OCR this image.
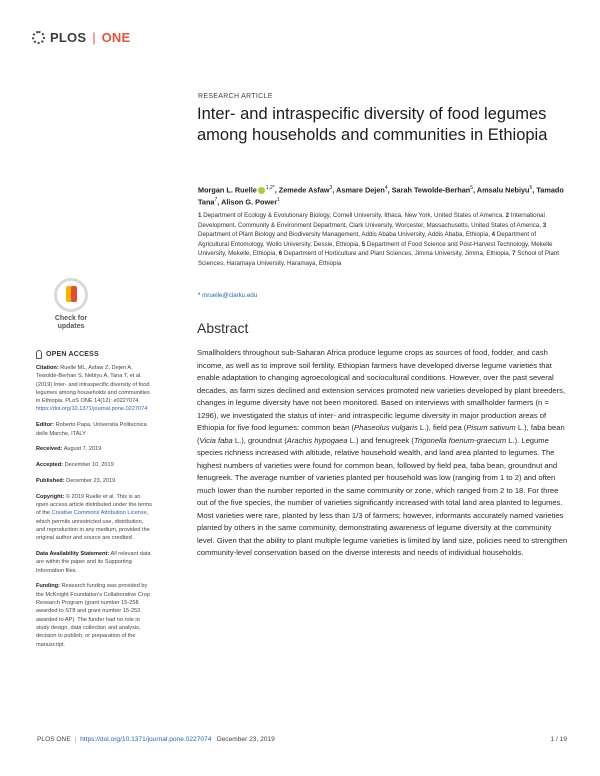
PLOS | ONE
RESEARCH ARTICLE
Inter- and intraspecific diversity of food legumes among households and communities in Ethiopia
Morgan L. Ruelle $^{1,2*}$, Zemede Asfaw$^3$, Asmare Dejen$^4$, Sarah Tewolde-Berhan$^5$, Amsalu Nebiyu$^6$, Tamado Tana$^7$, Alison G. Power$^1$
1 Department of Ecology & Evolutionary Biology, Cornell University, Ithaca, New York, United States of America, 2 International Development, Community & Environment Department, Clark University, Worcester, Massachusetts, United States of America, 3 Department of Plant Biology and Biodiversity Management, Addis Ababa University, Addis Ababa, Ethiopia, 4 Department of Agricultural Entomology, Wollo University, Dessie, Ethiopia, 5 Department of Food Science and Post-Harvest Technology, Mekelle University, Mekelle, Ethiopia, 6 Department of Horticulture and Plant Sciences, Jimma University, Jimma, Ethiopia, 7 School of Plant Sciences, Haramaya University, Haramaya, Ethiopia
* mruelle@clarku.edu
Check for
updates	Abstract
Smallholders throughout sub-Saharan Africa produce legume crops as sources of food, fodder, and cash income, as well as to improve soil fertility. Ethiopian farmers have developed diverse legume varieties that enable adaptation to changing agroecological and sociocultural conditions. However, over the past several decades, as farm sizes declined and extension services promoted new varieties developed by plant breeders, changes in legume diversity have not been monitored. Based on interviews with smallholder farmers (n = 1296), we investigated the status of inter- and intraspecific legume diversity in major production areas of Ethiopia for five food legumes: common bean (Phaseolus vulgaris L.), field pea (Pisum sativum L.), faba bean (Vicia faba L.), groundnut (Arachis hypogaea L.) and fenugreek (Trigonella foenum-graecum L.). Legume species richness increased with altitude, relative household wealth, and land area planted to legumes. The highest numbers of varieties were found for common bean, followed by field pea, faba bean, groundnut and fenugreek. The average number of varieties planted per household was low (ranging from 1 to 2) and often much lower than the number reported in the same community or zone, which ranged from 2 to 18. For three out of the five species, the number of varieties significantly increased with total land area planted to legumes. Most varieties were rare, planted by less than 1/3 of farmers; however, informants accurately named varieties planted by others in the same community, demonstrating awareness of legume diversity at the community level. Given that the ability to plant multiple legume varieties is limited by land size, policies need to strengthen community-level conservation based on the diverse interests and needs of individual households.
OPEN ACCESS

Citation: Ruelle ML, Asfaw Z, Dejen A, Tewolde-Berhan S, Nebiyu A, Tana T, et al. (2019) Inter- and intraspecific diversity of food legumes among households and communities in Ethiopia. PLoS ONE 14(12): e0227074. https://doi.org/10.1371/journal.pone.0227074

Editor: Roberto Papa, Universita Politecnica delle Marche, ITALY

Received: August 7, 2019

Accepted: December 10, 2019

Published: December 23, 2019

Copyright: © 2019 Ruelle et al. This is an open access article distributed under the terms of the Creative Commons Attribution License, which permits unrestricted use, distribution, and reproduction in any medium, provided the original author and source are credited.

Data Availability Statement: All relevant data are within the paper and its Supporting Information files.

Funding: Research funding was provided by the McKnight Foundation's Collaborative Crop Research Program (grant number 15-258 awarded to ST8 and grant number 15-253 awarded to AP). The funder had no role in study design, data collection and analysis, decision to publish, or preparation of the manuscript.

PLOS ONE | https://doi.org/10.1371/journal.pone.0227074 December 23, 2019	1 / 19
